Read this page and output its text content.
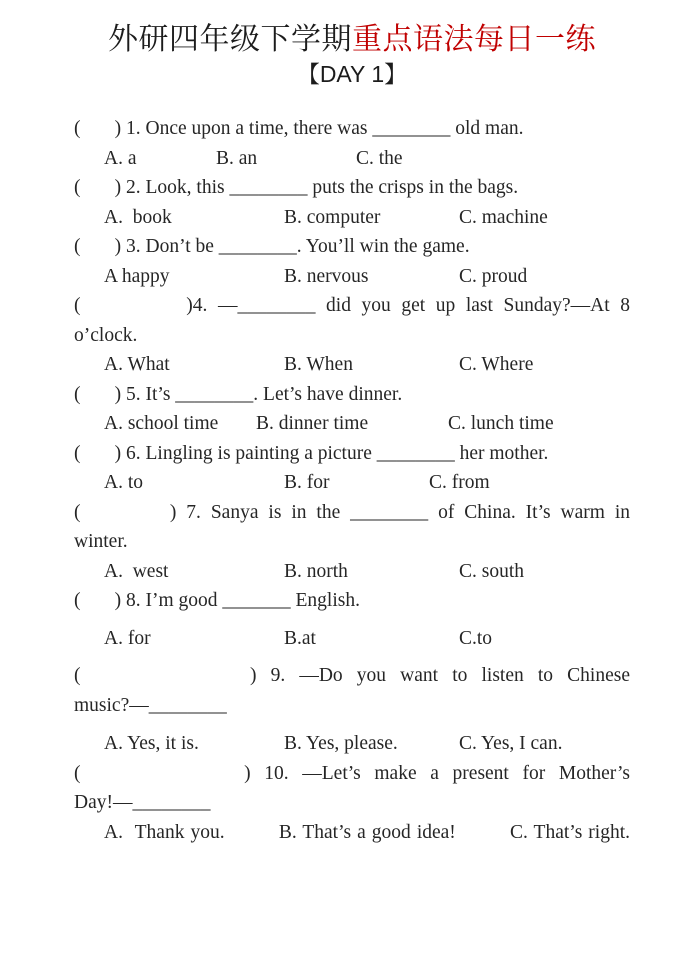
外研四年级下学期重点语法每日一练
【DAY 1】
(       ) 1. Once upon a time, there was ________ old man.
A. a	B. an	C. the
(       ) 2. Look, this ________ puts the crisps in the bags.
A.  book	B. computer	C. machine
(       ) 3. Don’t be ________. You’ll win the game.
A happy	B. nervous	C. proud
(          )4. —________ did you get up last Sunday?—At 8
o’clock.
A. What	B. When	C. Where
(       ) 5. It’s ________. Let’s have dinner.
A. school time	B. dinner time	C. lunch time
(       ) 6. Lingling is painting a picture ________ her mother.
A. to	B. for	C. from
(         ) 7. Sanya is in the ________ of China. It’s warm in
winter.
A.  west	B. north	C. south
(       ) 8. I’m good _______ English.
A. for	B.at	C.to
(            ) 9. —Do you want to listen to Chinese
music?—________
A. Yes, it is.	B. Yes, please.	C. Yes, I can.
(            ) 10. —Let’s make a present for Mother’s
Day!—________
A.  Thank you.	B. That’s a good idea!	C. That’s right.
